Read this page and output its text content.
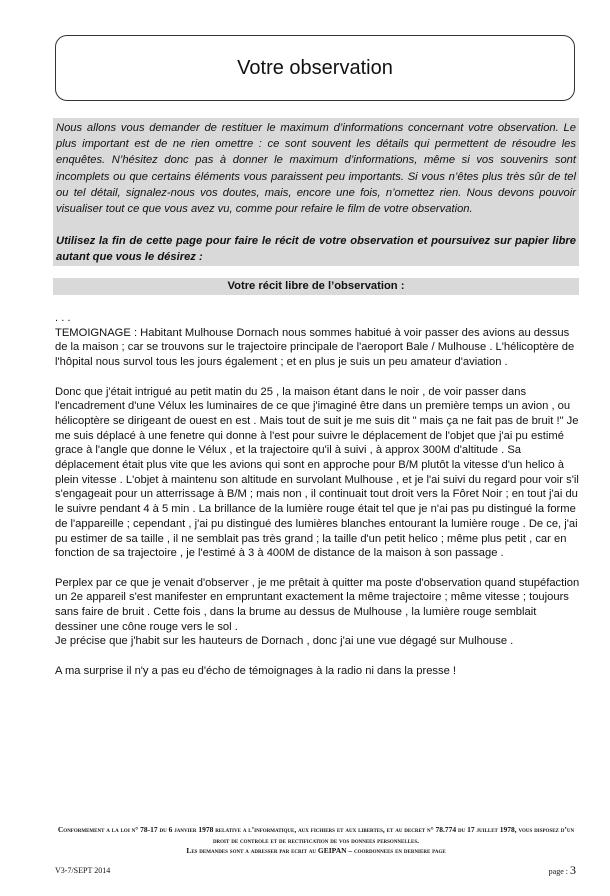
Votre observation

Nous allons vous demander de restituer le maximum d’informations concernant votre observation. Le plus important est de ne rien omettre : ce sont souvent les détails qui permettent de résoudre les enquêtes. N’hésitez donc pas à donner le maximum d’informations, même si vos souvenirs sont incomplets ou que certains éléments vous paraissent peu importants. Si vous n’êtes plus très sûr de tel ou tel détail, signalez-nous vos doutes, mais, encore une fois, n’omettez rien. Nous devons pouvoir visualiser tout ce que vous avez vu, comme pour refaire le film de votre observation.

Utilisez la fin de cette page pour faire le récit de votre observation et poursuivez sur papier libre autant que vous le désirez :

Votre récit libre de l’observation :

. . .
TEMOIGNAGE : Habitant Mulhouse Dornach nous sommes habitué à voir passer des avions au dessus de la maison ; car se trouvons sur le trajectoire principale de l'aeroport Bale / Mulhouse . L'hélicoptère de l'hôpital nous survol tous les jours également ; et en plus je suis un peu amateur d'aviation .

Donc que j'était intrigué au petit matin du 25 , la maison étant dans le noir , de voir passer dans l'encadrement d'une Vélux les luminaires de ce que j'imaginé être dans un première temps un avion , ou hélicoptère se dirigeant de ouest en est . Mais tout de suit je me suis dit " mais ça ne fait pas de bruit !" Je me suis déplacé à une fenetre qui donne à l'est pour suivre le déplacement de l'objet que j'ai pu estimé grace à l'angle que donne le Vélux , et la trajectoire qu'il à suivi , à approx 300M d'altitude . Sa déplacement était plus vite que les avions qui sont en approche pour B/M plutôt la vitesse d'un helico à plein vitesse . L'objet à maintenu son altitude en survolant Mulhouse , et je l'ai suivi du regard pour voir s'il s'engageait pour un atterrissage à B/M ; mais non , il continuait tout droit vers la Fôret Noir ; en tout j'ai du le suivre pendant 4 à 5 min . La brillance de la lumière rouge était tel que je n'ai pas pu distingué la forme de l'appareille ; cependant , j'ai pu distingué des lumières blanches entourant la lumière rouge . De ce, j'ai pu estimer de sa taille , il ne semblait pas très grand ; la taille d'un petit helico ; même plus petit , car en fonction de sa trajectoire , je l'estimé à 3 à 400M de distance de la maison à son passage .

Perplex par ce que je venait d'observer , je me prêtait à quitter ma poste d'observation quand stupéfaction un 2e appareil s'est manifester en empruntant exactement la même trajectoire ; même vitesse ; toujours sans faire de bruit . Cette fois , dans la brume au dessus de Mulhouse , la lumière rouge semblait dessiner une cône rouge vers le sol .

Je précise que j'habit sur les hauteurs de Dornach , donc j'ai une vue dégagé sur Mulhouse .

A ma surprise il n'y a pas eu d'écho de témoignages à la radio ni dans la presse !

Conformement a la loi n° 78-17 du 6 janvier 1978 relative a l’informatique, aux fichiers et aux libertes, et au decret n° 78.774 du 17 juillet 1978, vous disposez d’un droit de controle et de rectification de vos donnees personnelles.
Les demandes sont a adresser par ecrit au GEIPAN – coordonnees en derniere page
V3-7/SEPT 2014	page : 3
